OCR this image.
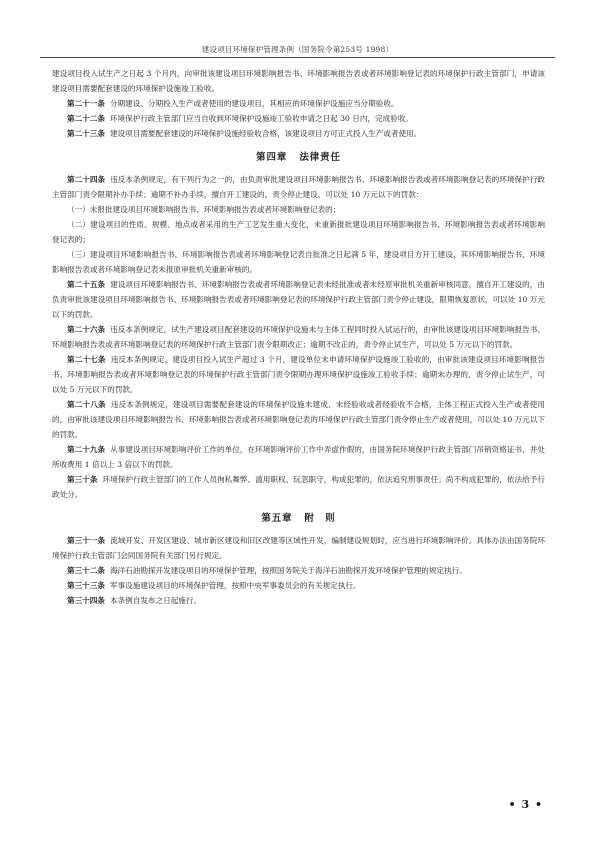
建设项目环境保护管理条例（国务院令第253号 1998）

建设项目投入试生产之日起 3 个月内，向审批该建设项目环境影响报告书、环境影响报告表或者环境影响登记表的环境保护行政主管部门，申请该建设项目需要配套建设的环境保护设施竣工验收。

第二十一条 分期建设、分期投入生产或者使用的建设项目，其相应的环境保护设施应当分期验收。

第二十二条 环境保护行政主管部门应当自收到环境保护设施竣工验收申请之日起 30 日内，完成验收。

第二十三条 建设项目需要配套建设的环境保护设施经验收合格，该建设项目方可正式投入生产或者使用。

第四章 法律责任

第二十四条 违反本条例规定，有下列行为之一的，由负责审批建设项目环境影响报告书、环境影响报告表或者环境影响登记表的环境保护行政主管部门责令限期补办手续；逾期不补办手续，擅自开工建设的，责令停止建设，可以处 10 万元以下的罚款：

（一）未报批建设项目环境影响报告书、环境影响报告表或者环境影响登记表的；

（二）建设项目的性质、规模、地点或者采用的生产工艺发生重大变化，未重新报批建设项目环境影响报告书、环境影响报告表或者环境影响登记表的；

（三）建设项目环境影响报告书、环境影响报告表或者环境影响登记表自批准之日起满 5 年，建设项目方开工建设，其环境影响报告书、环境影响报告表或者环境影响登记表未报原审批机关重新审核的。

第二十五条 建设项目环境影响报告书、环境影响报告表或者环境影响登记表未经批准或者未经原审批机关重新审核同意，擅自开工建设的，由负责审批该建设项目环境影响报告书、环境影响报告表或者环境影响登记表的环境保护行政主管部门责令停止建设，限期恢复原状，可以处 10 万元以下的罚款。

第二十六条 违反本条例规定，试生产建设项目配套建设的环境保护设施未与主体工程同时投入试运行的，由审批该建设项目环境影响报告书、环境影响报告表或者环境影响登记表的环境保护行政主管部门责令限期改正；逾期不改正的，责令停止试生产，可以处 5 万元以下的罚款。

第二十七条 违反本条例规定，建设项目投入试生产超过 3 个月，建设单位未申请环境保护设施竣工验收的，由审批该建设项目环境影响报告书、环境影响报告表或者环境影响登记表的环境保护行政主管部门责令限期办理环境保护设施竣工验收手续；逾期未办理的，责令停止试生产，可以处 5 万元以下的罚款。

第二十八条 违反本条例规定，建设项目需要配套建设的环境保护设施未建成、未经验收或者经验收不合格，主体工程正式投入生产或者使用的，由审批该建设项目环境影响报告书、环境影响报告表或者环境影响登记表的环境保护行政主管部门责令停止生产或者使用，可以处 10 万元以下的罚款。

第二十九条 从事建设项目环境影响评价工作的单位，在环境影响评价工作中弄虚作假的，由国务院环境保护行政主管部门吊销资格证书，并处所收费用 1 倍以上 3 倍以下的罚款。

第三十条 环境保护行政主管部门的工作人员徇私舞弊、滥用职权、玩忽职守，构成犯罪的，依法追究刑事责任；尚不构成犯罪的，依法给予行政处分。

第五章 附　则

第三十一条 流域开发、开发区建设、城市新区建设和旧区改建等区域性开发，编制建设规划时，应当进行环境影响评价。具体办法由国务院环境保护行政主管部门会同国务院有关部门另行规定。

第三十二条 海洋石油勘探开发建设项目的环境保护管理，按照国务院关于海洋石油勘探开发环境保护管理的规定执行。

第三十三条 军事设施建设项目的环境保护管理，按照中央军事委员会的有关规定执行。

第三十四条 本条例自发布之日起施行。

• 3 •
